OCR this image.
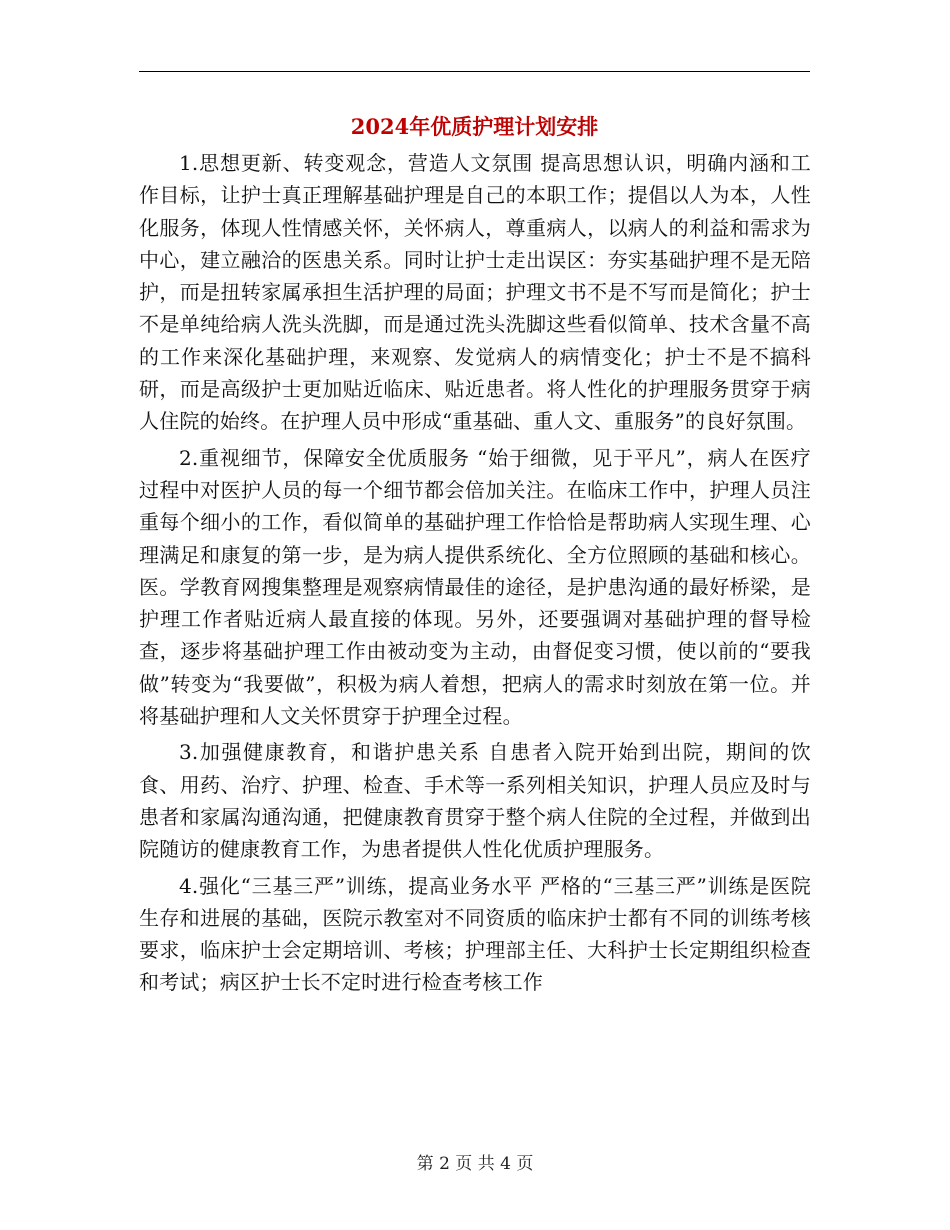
2024年优质护理计划安排

1.思想更新、转变观念，营造人文氛围 提高思想认识，明确内涵和工作目标，让护士真正理解基础护理是自己的本职工作；提倡以人为本，人性化服务，体现人性情感关怀，关怀病人，尊重病人，以病人的利益和需求为中心，建立融洽的医患关系。同时让护士走出误区：夯实基础护理不是无陪护，而是扭转家属承担生活护理的局面；护理文书不是不写而是简化；护士不是单纯给病人洗头洗脚，而是通过洗头洗脚这些看似简单、技术含量不高的工作来深化基础护理，来观察、发觉病人的病情变化；护士不是不搞科研，而是高级护士更加贴近临床、贴近患者。将人性化的护理服务贯穿于病人住院的始终。在护理人员中形成“重基础、重人文、重服务”的良好氛围。

2.重视细节，保障安全优质服务 “始于细微，见于平凡”，病人在医疗过程中对医护人员的每一个细节都会倍加关注。在临床工作中，护理人员注重每个细小的工作，看似简单的基础护理工作恰恰是帮助病人实现生理、心理满足和康复的第一步，是为病人提供系统化、全方位照顾的基础和核心。医。学教育网搜集整理是观察病情最佳的途径，是护患沟通的最好桥梁，是护理工作者贴近病人最直接的体现。另外，还要强调对基础护理的督导检查，逐步将基础护理工作由被动变为主动，由督促变习惯，使以前的“要我做”转变为“我要做”，积极为病人着想，把病人的需求时刻放在第一位。并将基础护理和人文关怀贯穿于护理全过程。

3.加强健康教育，和谐护患关系 自患者入院开始到出院，期间的饮食、用药、治疗、护理、检查、手术等一系列相关知识，护理人员应及时与患者和家属沟通沟通，把健康教育贯穿于整个病人住院的全过程，并做到出院随访的健康教育工作，为患者提供人性化优质护理服务。

4.强化“三基三严”训练，提高业务水平 严格的“三基三严”训练是医院生存和进展的基础，医院示教室对不同资质的临床护士都有不同的训练考核要求，临床护士会定期培训、考核；护理部主任、大科护士长定期组织检查和考试；病区护士长不定时进行检查考核工作

第 2 页 共 4 页
